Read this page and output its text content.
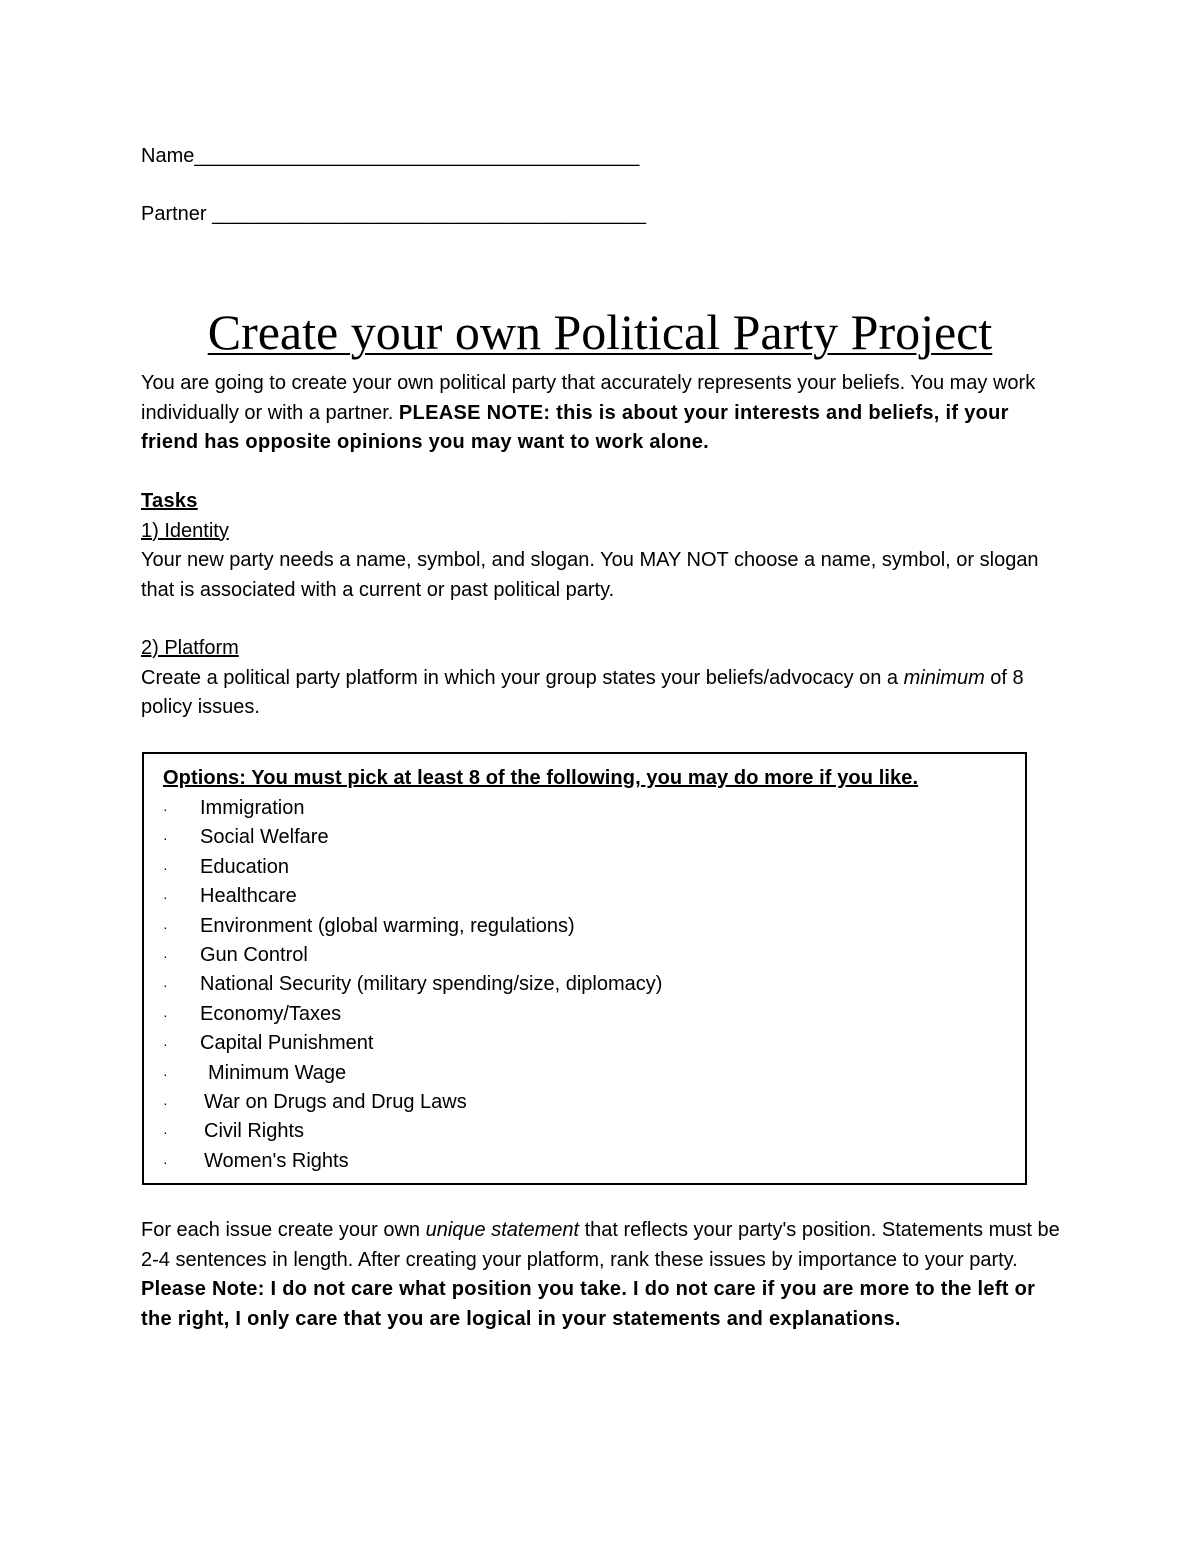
Name________________________________________
Partner _______________________________________
Create your own Political Party Project
You are going to create your own political party that accurately represents your beliefs. You may work individually or with a partner. PLEASE NOTE: this is about your interests and beliefs, if your friend has opposite opinions you may want to work alone.
Tasks
1) Identity
Your new party needs a name, symbol, and slogan. You MAY NOT choose a name, symbol, or slogan that is associated with a current or past political party.
2) Platform
Create a political party platform in which your group states your beliefs/advocacy on a minimum of 8 policy issues.
Options: You must pick at least 8 of the following, you may do more if you like.
· Immigration
· Social Welfare
· Education
· Healthcare
· Environment (global warming, regulations)
· Gun Control
· National Security (military spending/size, diplomacy)
· Economy/Taxes
· Capital Punishment
· Minimum Wage
· War on Drugs and Drug Laws
· Civil Rights
· Women's Rights
For each issue create your own unique statement that reflects your party's position. Statements must be 2-4 sentences in length. After creating your platform, rank these issues by importance to your party.
Please Note: I do not care what position you take. I do not care if you are more to the left or the right, I only care that you are logical in your statements and explanations.
